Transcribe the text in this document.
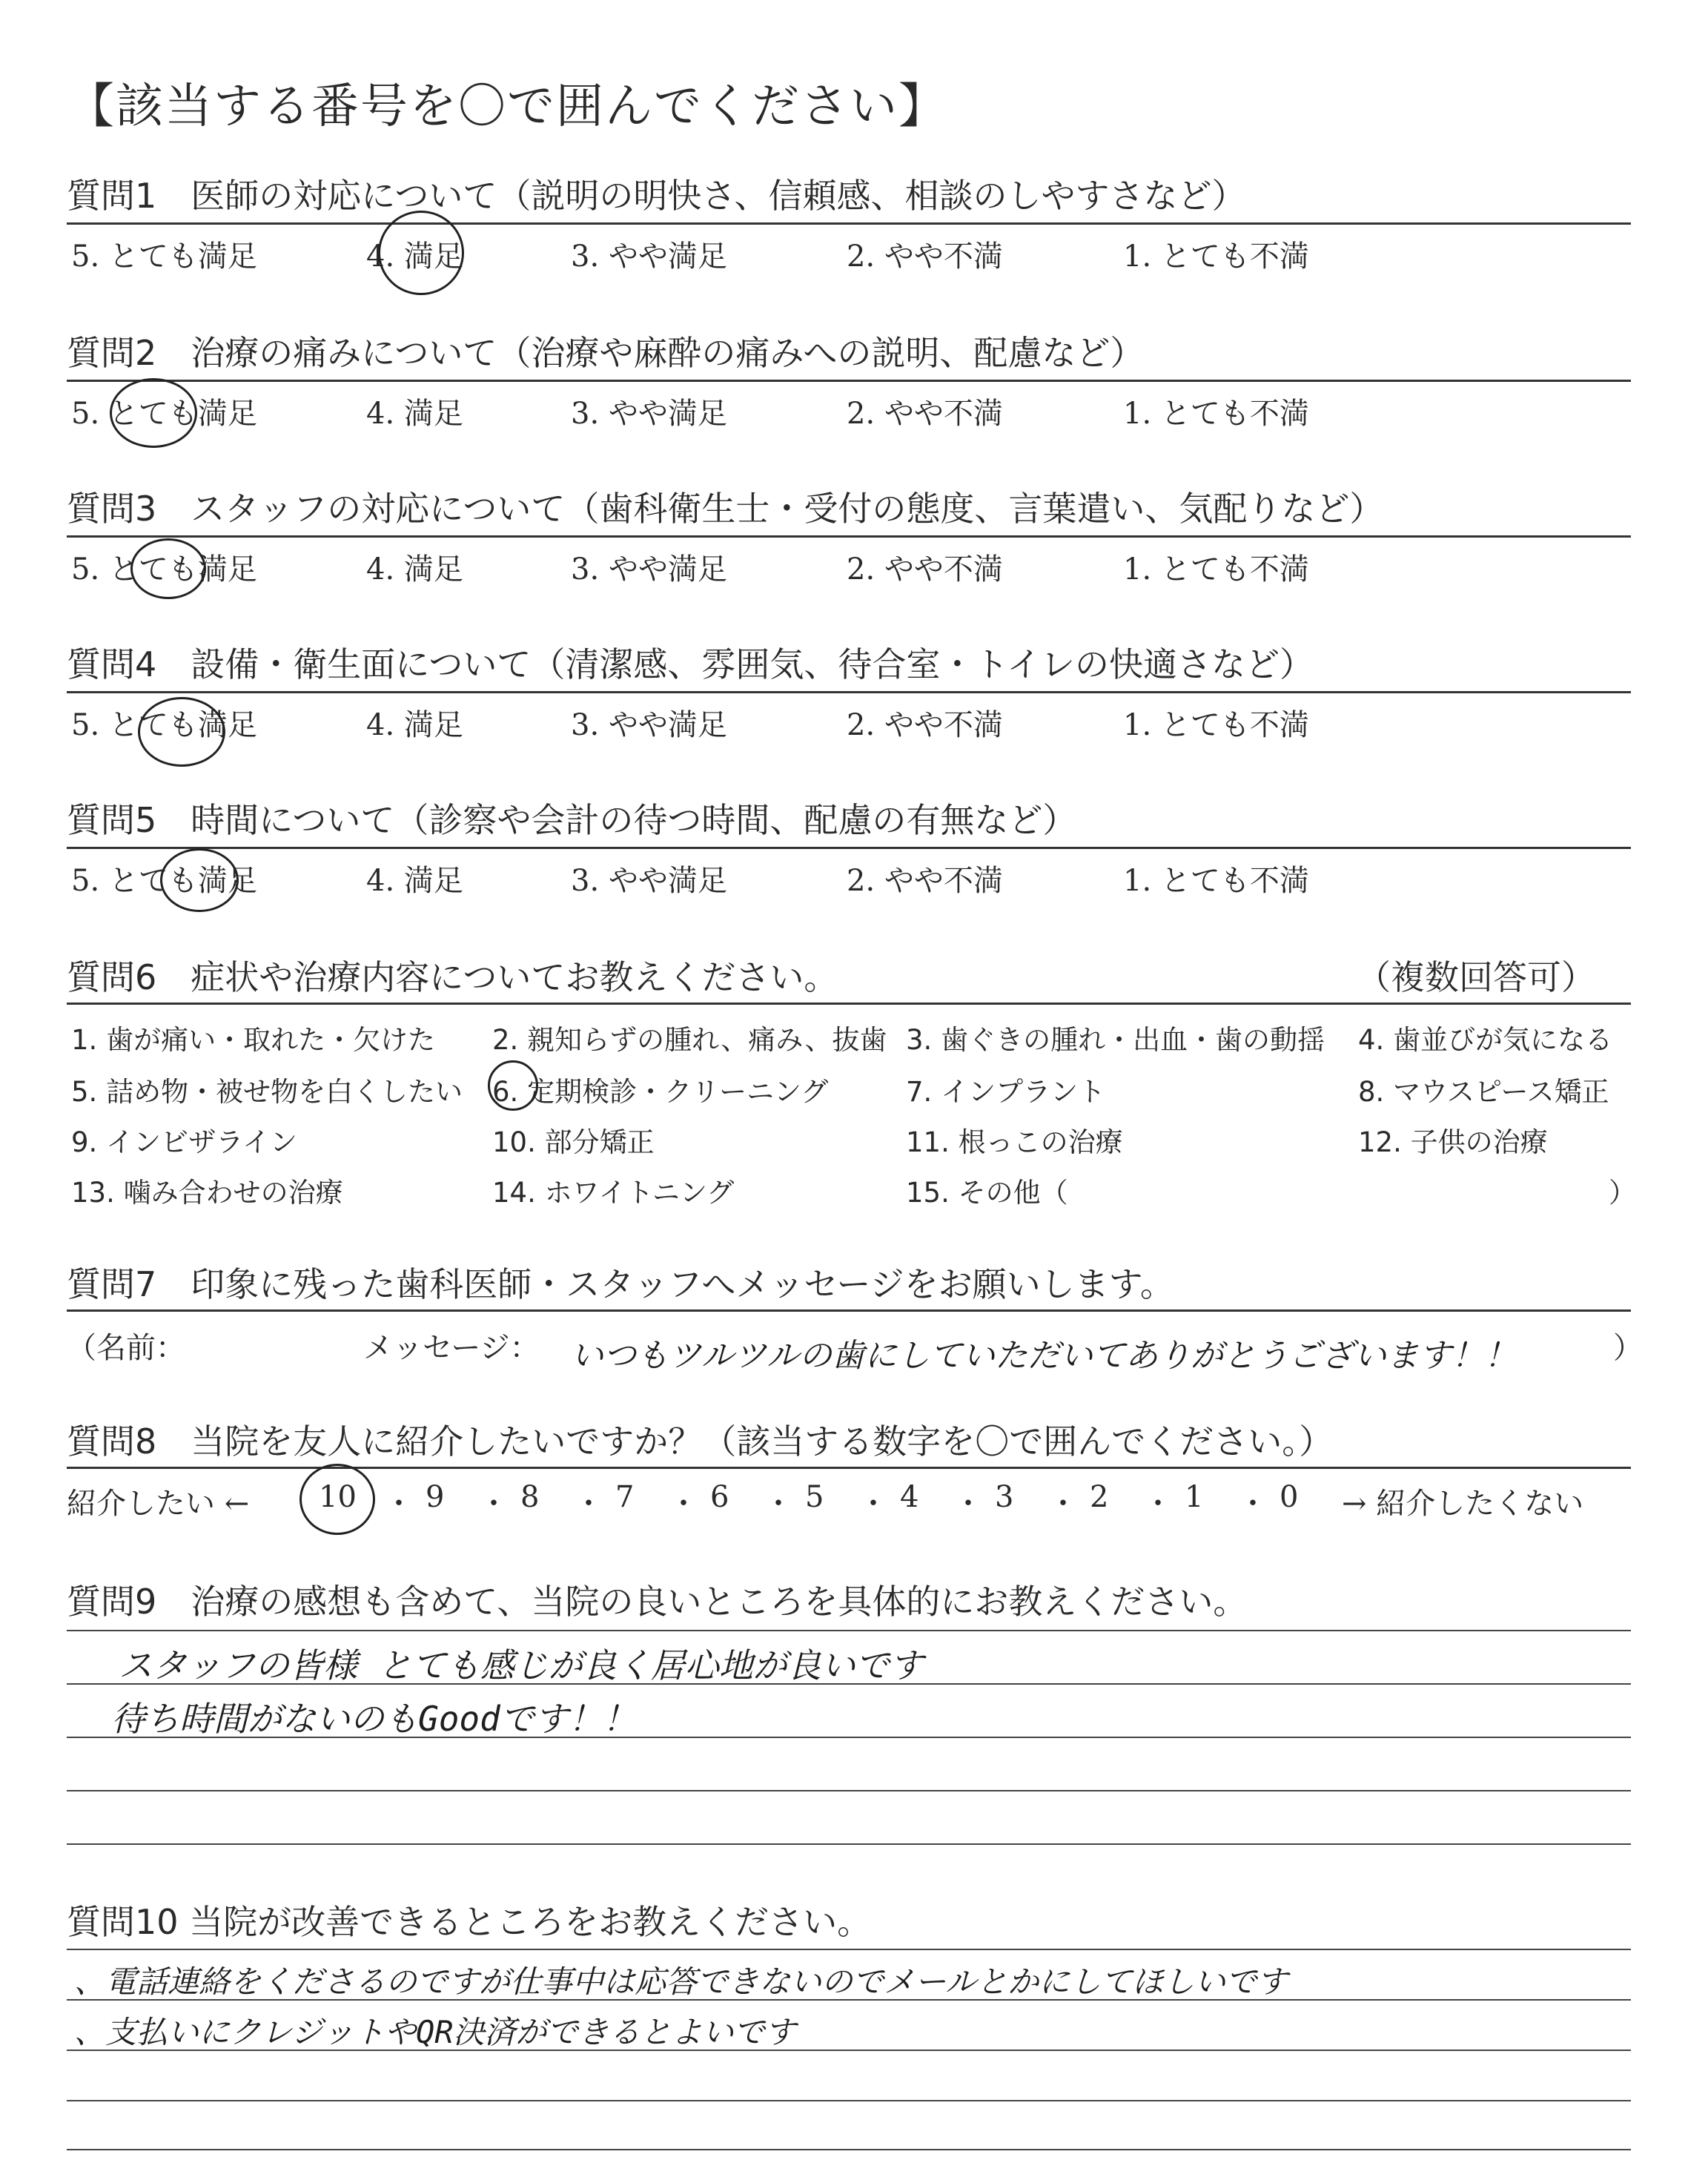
【該当する番号を〇で囲んでください】
質問1　医師の対応について（説明の明快さ、信頼感、相談のしやすさなど）
5. とても満足	4. 満足	3. やや満足	2. やや不満	1. とても不満
質問2　治療の痛みについて（治療や麻酔の痛みへの説明、配慮など）
5. とても満足	4. 満足	3. やや満足	2. やや不満	1. とても不満
質問3　スタッフの対応について（歯科衛生士・受付の態度、言葉遣い、気配りなど）
5. とても満足	4. 満足	3. やや満足	2. やや不満	1. とても不満
質問4　設備・衛生面について（清潔感、雰囲気、待合室・トイレの快適さなど）
5. とても満足	4. 満足	3. やや満足	2. やや不満	1. とても不満
質問5　時間について（診察や会計の待つ時間、配慮の有無など）
5. とても満足	4. 満足	3. やや満足	2. やや不満	1. とても不満
質問6　症状や治療内容についてお教えください。	（複数回答可）
1. 歯が痛い・取れた・欠けた 2. 親知らずの腫れ、痛み、抜歯 3. 歯ぐきの腫れ・出血・歯の動揺 4. 歯並びが気になる
5. 詰め物・被せ物を白くしたい 6. 定期検診・クリーニング	7. インプラント	8. マウスピース矯正
9. インビザライン	10. 部分矯正	11. 根っこの治療	12. 子供の治療
13. 噛み合わせの治療	14. ホワイトニング	15. その他（	）
質問7　印象に残った歯科医師・スタッフへメッセージをお願いします。
（名前：	メッセージ： いつもツルツルの歯にしていただいてありがとうございます！！	）
質問8　当院を友人に紹介したいですか？（該当する数字を〇で囲んでください。）
紹介したい ← 10 ・ 9 ・ 8 ・ 7 ・ 6 ・ 5 ・ 4 ・ 3 ・ 2 ・ 1 ・ 0 → 紹介したくない
質問9　治療の感想も含めて、当院の良いところを具体的にお教えください。
スタッフの皆様 とても感じが良く居心地が良いです
待ち時間がないのもGoodです！！
質問10 当院が改善できるところをお教えください。
、電話連絡をくださるのですが仕事中は応答できないのでメールとかにしてほしいです
、支払いにクレジットやQR決済ができるとよいです
